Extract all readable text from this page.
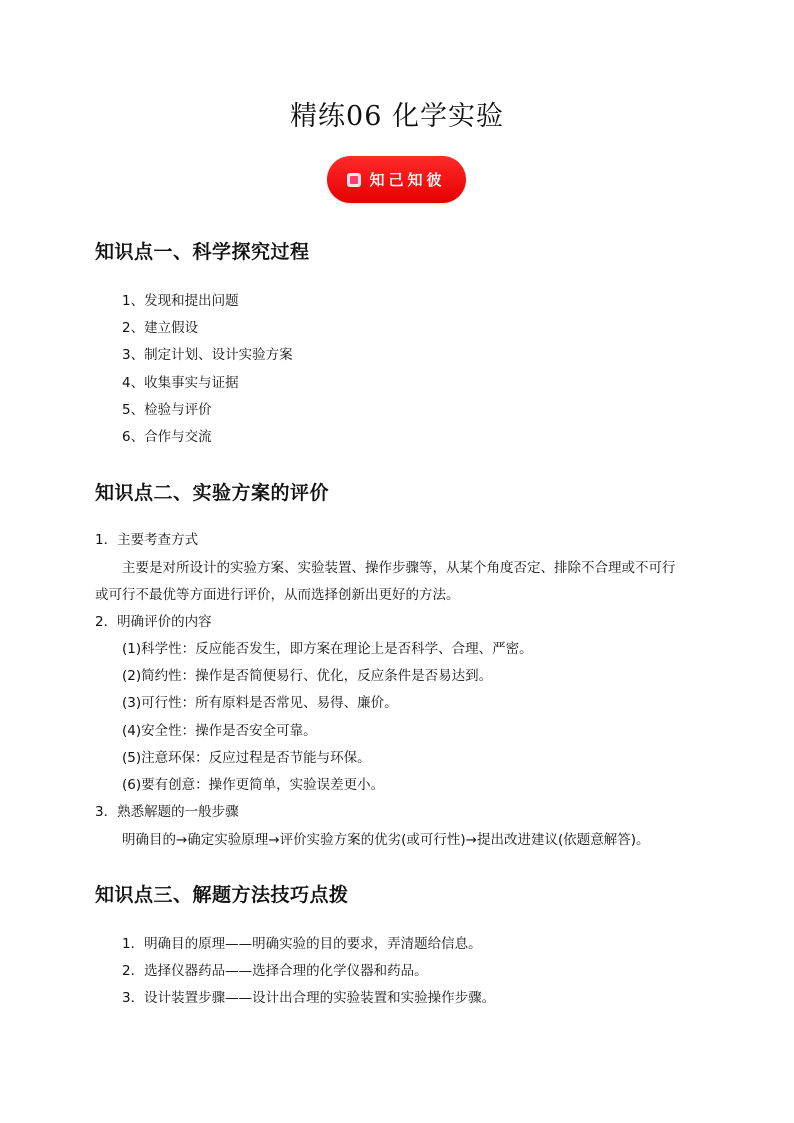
精练06 化学实验
知己知彼
知识点一、科学探究过程
1、发现和提出问题
2、建立假设
3、制定计划、设计实验方案
4、收集事实与证据
5、检验与评价
6、合作与交流
知识点二、实验方案的评价
1．主要考查方式
主要是对所设计的实验方案、实验装置、操作步骤等，从某个角度否定、排除不合理或不可行
或可行不最优等方面进行评价，从而选择创新出更好的方法。
2．明确评价的内容
(1)科学性：反应能否发生，即方案在理论上是否科学、合理、严密。
(2)简约性：操作是否简便易行、优化，反应条件是否易达到。
(3)可行性：所有原料是否常见、易得、廉价。
(4)安全性：操作是否安全可靠。
(5)注意环保：反应过程是否节能与环保。
(6)要有创意：操作更简单，实验误差更小。
3．熟悉解题的一般步骤
明确目的→确定实验原理→评价实验方案的优劣(或可行性)→提出改进建议(依题意解答)。
知识点三、解题方法技巧点拨
1．明确目的原理——明确实验的目的要求，弄清题给信息。
2．选择仪器药品——选择合理的化学仪器和药品。
3．设计装置步骤——设计出合理的实验装置和实验操作步骤。
